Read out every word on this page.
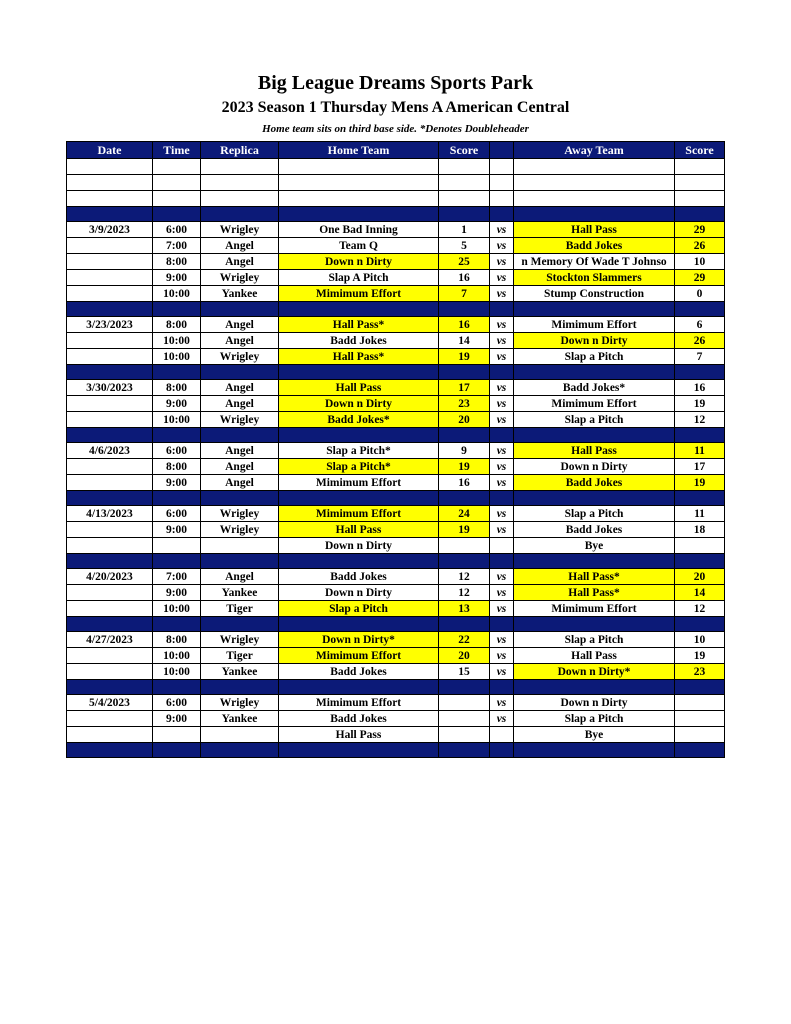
Big League Dreams Sports Park
2023 Season 1 Thursday Mens A American Central
Home team sits on third base side. *Denotes Doubleheader
Date	Time	Replica	Home Team	Score		Away Team	Score

3/9/2023	6:00	Wrigley	One Bad Inning	1	vs	Hall Pass	29
	7:00	Angel	Team Q	5	vs	Badd Jokes	26
	8:00	Angel	Down n Dirty	25	vs	n Memory Of Wade T Johnso	10
	9:00	Wrigley	Slap A Pitch	16	vs	Stockton Slammers	29
	10:00	Yankee	Mimimum Effort	7	vs	Stump Construction	0

3/23/2023	8:00	Angel	Hall Pass*	16	vs	Mimimum Effort	6
	10:00	Angel	Badd Jokes	14	vs	Down n Dirty	26
	10:00	Wrigley	Hall Pass*	19	vs	Slap a Pitch	7

3/30/2023	8:00	Angel	Hall Pass	17	vs	Badd Jokes*	16
	9:00	Angel	Down n Dirty	23	vs	Mimimum Effort	19
	10:00	Wrigley	Badd Jokes*	20	vs	Slap a Pitch	12

4/6/2023	6:00	Angel	Slap a Pitch*	9	vs	Hall Pass	11
	8:00	Angel	Slap a Pitch*	19	vs	Down n Dirty	17
	9:00	Angel	Mimimum Effort	16	vs	Badd Jokes	19

4/13/2023	6:00	Wrigley	Mimimum Effort	24	vs	Slap a Pitch	11
	9:00	Wrigley	Hall Pass	19	vs	Badd Jokes	18
			Down n Dirty			Bye	

4/20/2023	7:00	Angel	Badd Jokes	12	vs	Hall Pass*	20
	9:00	Yankee	Down n Dirty	12	vs	Hall Pass*	14
	10:00	Tiger	Slap a Pitch	13	vs	Mimimum Effort	12

4/27/2023	8:00	Wrigley	Down n Dirty*	22	vs	Slap a Pitch	10
	10:00	Tiger	Mimimum Effort	20	vs	Hall Pass	19
	10:00	Yankee	Badd Jokes	15	vs	Down n Dirty*	23

5/4/2023	6:00	Wrigley	Mimimum Effort		vs	Down n Dirty	
	9:00	Yankee	Badd Jokes		vs	Slap a Pitch	
			Hall Pass			Bye	
